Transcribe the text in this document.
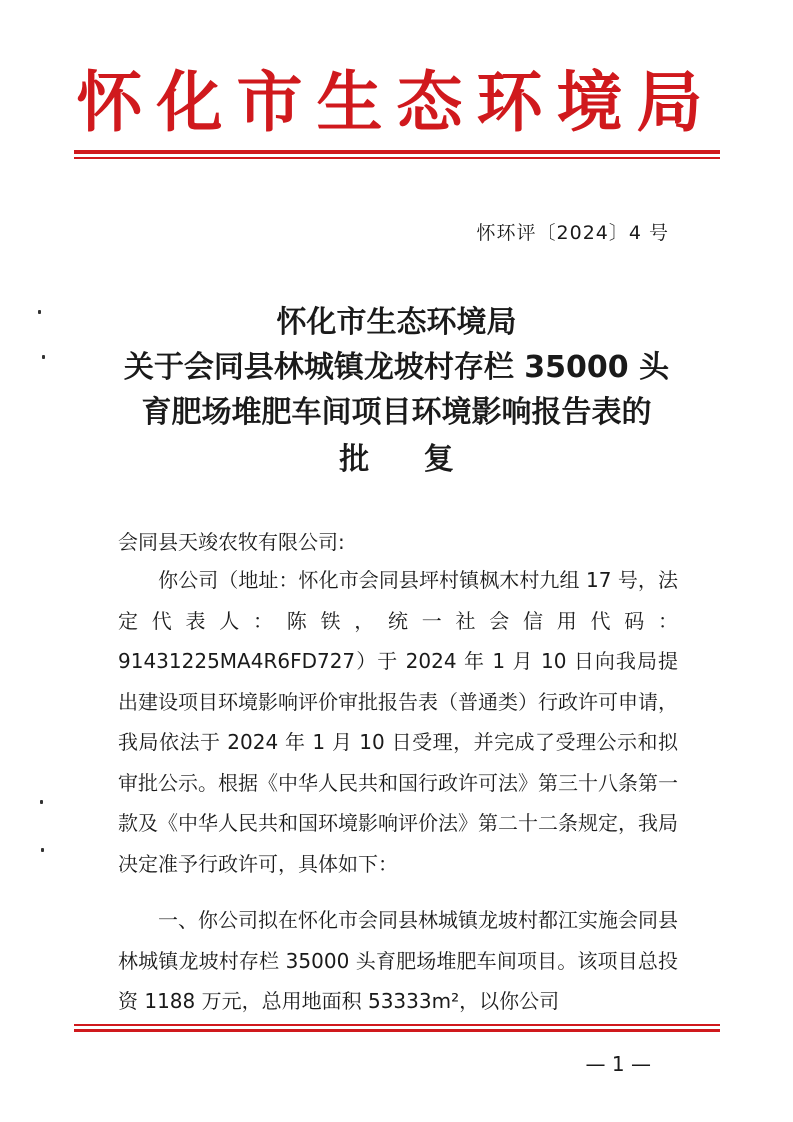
怀化市生态环境局
怀环评〔2024〕4 号
怀化市生态环境局
关于会同县林城镇龙坡村存栏 35000 头
育肥场堆肥车间项目环境影响报告表的
批 复
会同县天竣农牧有限公司:
你公司（地址：怀化市会同县坪村镇枫木村九组 17 号，法定代表人：陈铁，统一社会信用代码：91431225MA4R6FD727）于 2024 年 1 月 10 日向我局提出建设项目环境影响评价审批报告表（普通类）行政许可申请，我局依法于 2024 年 1 月 10 日受理，并完成了受理公示和拟审批公示。根据《中华人民共和国行政许可法》第三十八条第一款及《中华人民共和国环境影响评价法》第二十二条规定，我局决定准予行政许可，具体如下：
一、你公司拟在怀化市会同县林城镇龙坡村都江实施会同县林城镇龙坡村存栏 35000 头育肥场堆肥车间项目。该项目总投资 1188 万元，总用地面积 53333m²，以你公司
— 1 —
